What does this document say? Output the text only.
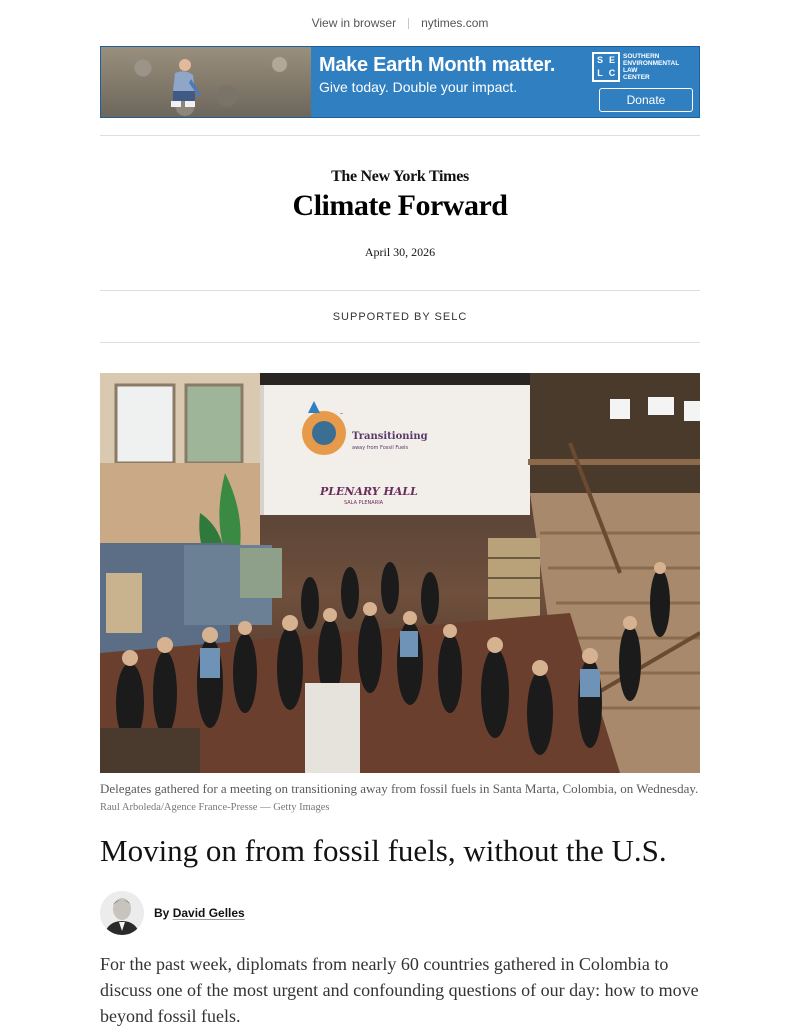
View in browser nytimes.com
Make Earth Month matter.
Give today. Double your impact.
S E
L C
SOUTHERN
ENVIRONMENTAL
LAW
CENTER
Donate
The New York Times
Climate Forward
April 30, 2026
SUPPORTED BY SELC
Transitioning
away from Fossil Fuels
PLENARY HALL
SALA PLENARIA
Delegates gathered for a meeting on transitioning away from fossil fuels in Santa Marta, Colombia, on Wednesday. Raul Arboleda/Agence France-Presse — Getty Images
Moving on from fossil fuels, without the U.S.
By David Gelles

For the past week, diplomats from nearly 60 countries gathered in Colombia to discuss one of the most urgent and confounding questions of our day: how to move beyond fossil fuels.
